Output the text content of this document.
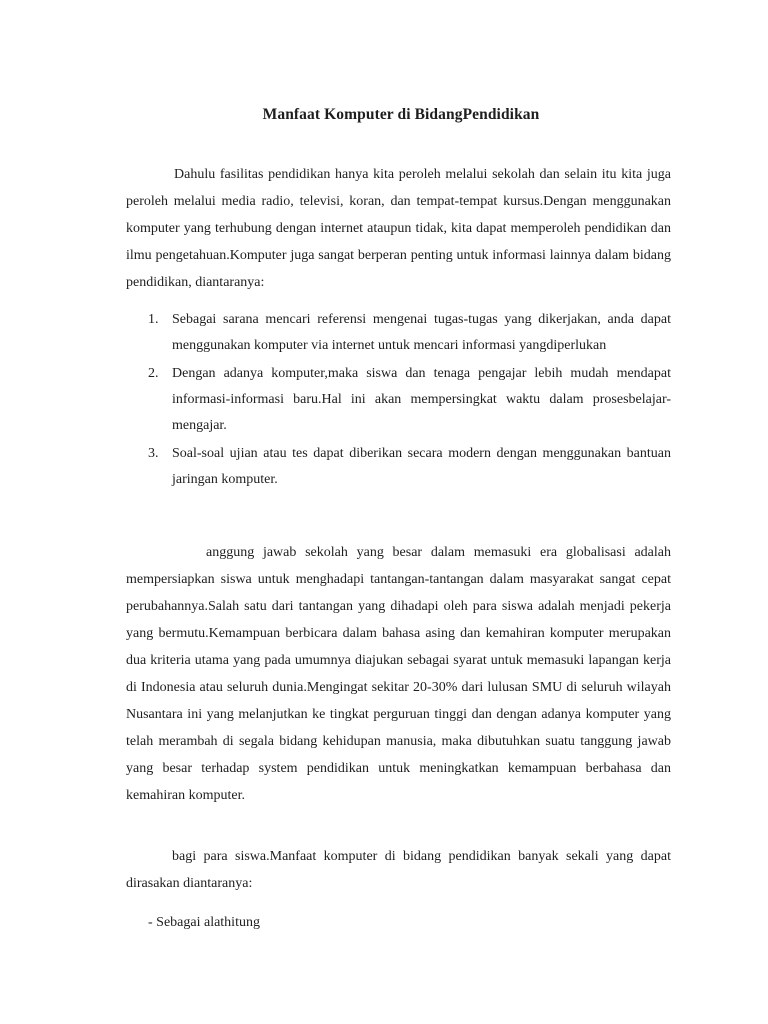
Manfaat Komputer di BidangPendidikan

Dahulu fasilitas pendidikan hanya kita peroleh melalui sekolah dan selain itu kita juga peroleh melalui media radio, televisi, koran, dan tempat-tempat kursus.Dengan menggunakan komputer yang terhubung dengan internet ataupun tidak, kita dapat memperoleh pendidikan dan ilmu pengetahuan.Komputer juga sangat berperan penting untuk informasi lainnya dalam bidang pendidikan, diantaranya:

1. Sebagai sarana mencari referensi mengenai tugas-tugas yang dikerjakan, anda dapat menggunakan komputer via internet untuk mencari informasi yangdiperlukan
2. Dengan adanya komputer,maka siswa dan tenaga pengajar lebih mudah mendapat informasi-informasi baru.Hal ini akan mempersingkat waktu dalam prosesbelajar-mengajar.
3. Soal-soal ujian atau tes dapat diberikan secara modern dengan menggunakan bantuan jaringan komputer.

anggung jawab sekolah yang besar dalam memasuki era globalisasi adalah mempersiapkan siswa untuk menghadapi tantangan-tantangan dalam masyarakat sangat cepat perubahannya.Salah satu dari tantangan yang dihadapi oleh para siswa adalah menjadi pekerja yang bermutu.Kemampuan berbicara dalam bahasa asing dan kemahiran komputer merupakan dua kriteria utama yang pada umumnya diajukan sebagai syarat untuk memasuki lapangan kerja di Indonesia atau seluruh dunia.Mengingat sekitar 20-30% dari lulusan SMU di seluruh wilayah Nusantara ini yang melanjutkan ke tingkat perguruan tinggi dan dengan adanya komputer yang telah merambah di segala bidang kehidupan manusia, maka dibutuhkan suatu tanggung jawab yang besar terhadap system pendidikan untuk meningkatkan kemampuan berbahasa dan kemahiran komputer.

bagi para siswa.Manfaat komputer di bidang pendidikan banyak sekali yang dapat dirasakan diantaranya:

- Sebagai alathitung
